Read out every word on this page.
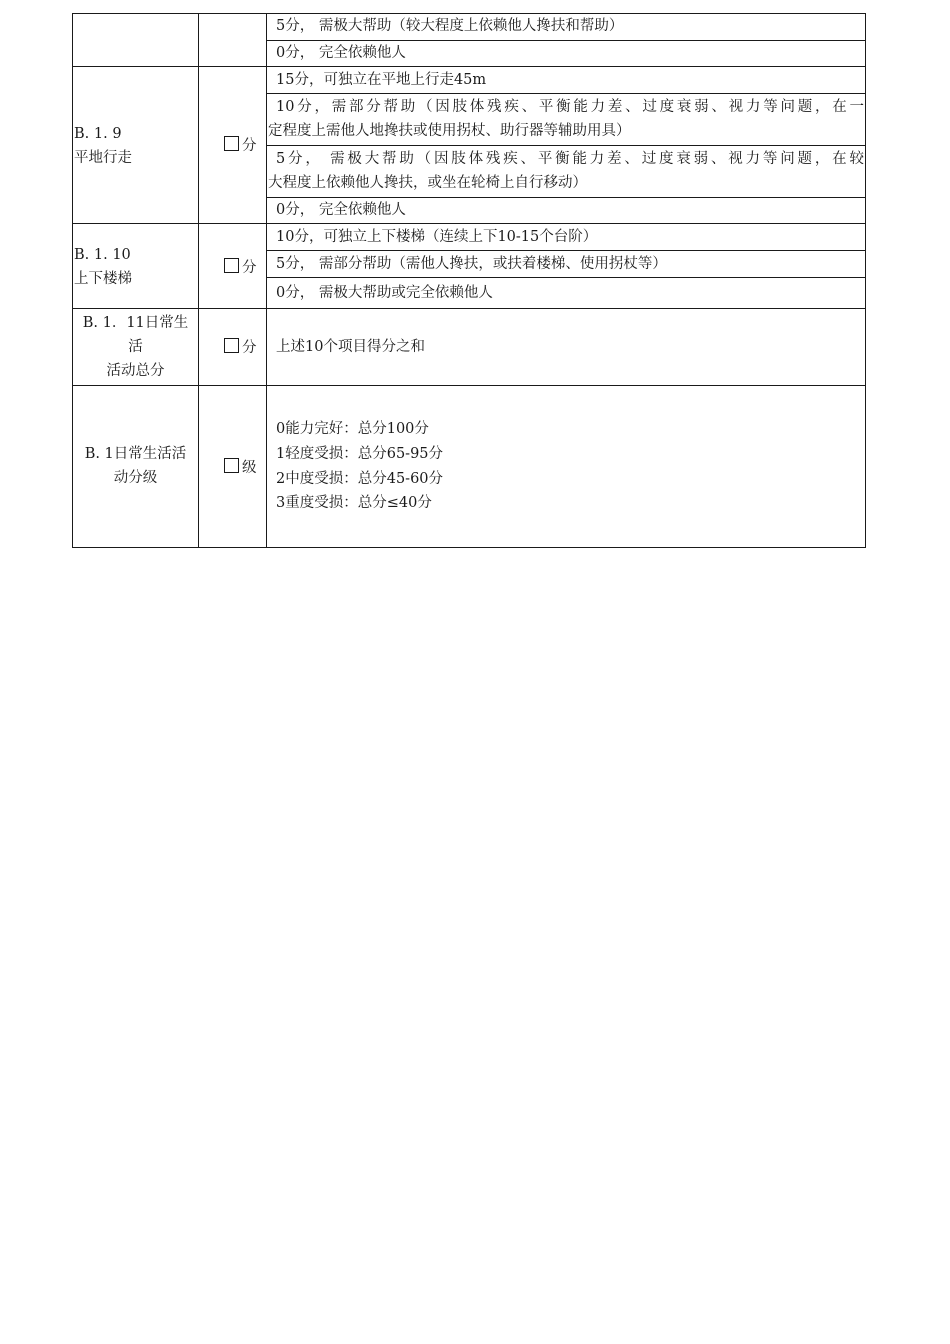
5分， 需极大帮助（较大程度上依赖他人搀扶和帮助）
0分， 完全依赖他人
B. 1. 9
平地行走
分
15分，可独立在平地上行走45m
10分，需部分帮助（因肢体残疾、平衡能力差、过度衰弱、视力等问题，在一
定程度上需他人地搀扶或使用拐杖、助行器等辅助用具）
5分， 需极大帮助（因肢体残疾、平衡能力差、过度衰弱、视力等问题，在较
大程度上依赖他人搀扶，或坐在轮椅上自行移动）
0分， 完全依赖他人
B. 1. 10
上下楼梯
分
10分，可独立上下楼梯（连续上下10-15个台阶）
5分， 需部分帮助（需他人搀扶，或扶着楼梯、使用拐杖等）
0分， 需极大帮助或完全依赖他人
B. 1．11日常生
活
活动总分
分 上述10个项目得分之和
B. 1日常生活活
动分级
级
0能力完好：总分100分
1轻度受损：总分65-95分
2中度受损：总分45-60分
3重度受损：总分≤40分
